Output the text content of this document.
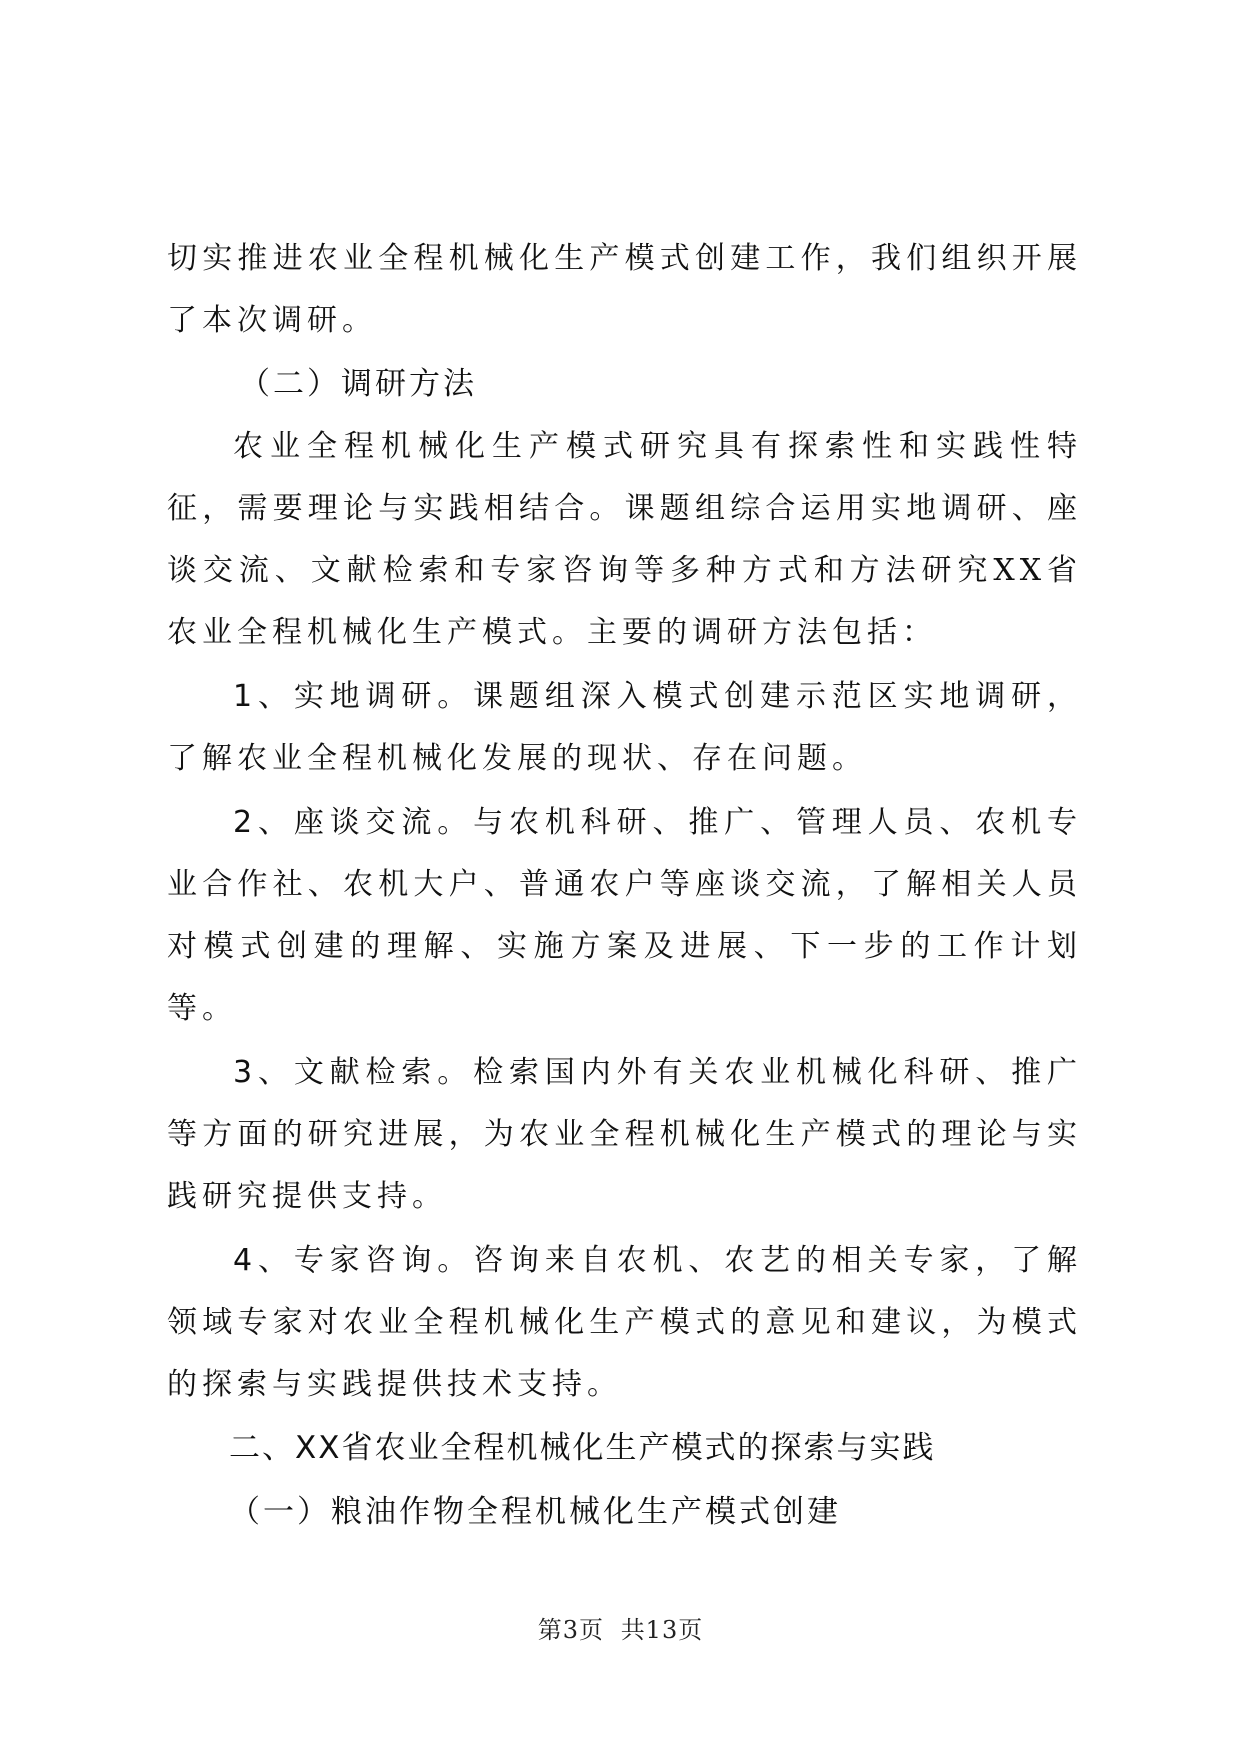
切实推进农业全程机械化生产模式创建工作，我们组织开展了本次调研。

（二）调研方法

农业全程机械化生产模式研究具有探索性和实践性特征，需要理论与实践相结合。课题组综合运用实地调研、座谈交流、文献检索和专家咨询等多种方式和方法研究XX省农业全程机械化生产模式。主要的调研方法包括：

1、实地调研。课题组深入模式创建示范区实地调研，了解农业全程机械化发展的现状、存在问题。

2、座谈交流。与农机科研、推广、管理人员、农机专业合作社、农机大户、普通农户等座谈交流，了解相关人员对模式创建的理解、实施方案及进展、下一步的工作计划等。

3、文献检索。检索国内外有关农业机械化科研、推广等方面的研究进展，为农业全程机械化生产模式的理论与实践研究提供支持。

4、专家咨询。咨询来自农机、农艺的相关专家，了解领域专家对农业全程机械化生产模式的意见和建议，为模式的探索与实践提供技术支持。

二、XX省农业全程机械化生产模式的探索与实践
（一）粮油作物全程机械化生产模式创建
第3页 共13页
